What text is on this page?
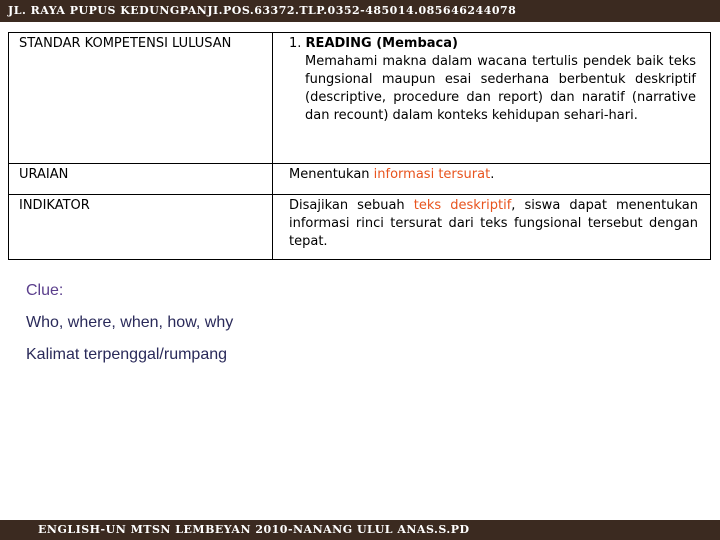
JL. RAYA PUPUS KEDUNGPANJI.POS.63372.TLP.0352-485014.085646244078
STANDAR KOMPETENSI LULUSAN	1. READING (Membaca)
Memahami makna dalam wacana tertulis pendek baik teks fungsional maupun esai sederhana berbentuk deskriptif (descriptive, procedure dan report) dan naratif (narrative dan recount) dalam konteks kehidupan sehari-hari.

URAIAN	Menentukan informasi tersurat.

INDIKATOR	Disajikan sebuah teks deskriptif, siswa dapat menentukan informasi rinci tersurat dari teks fungsional tersebut dengan tepat.
Clue:
Who, where, when, how, why
Kalimat terpenggal/rumpang
ENGLISH-UN MTSN LEMBEYAN 2010-NANANG ULUL ANAS.S.PD
